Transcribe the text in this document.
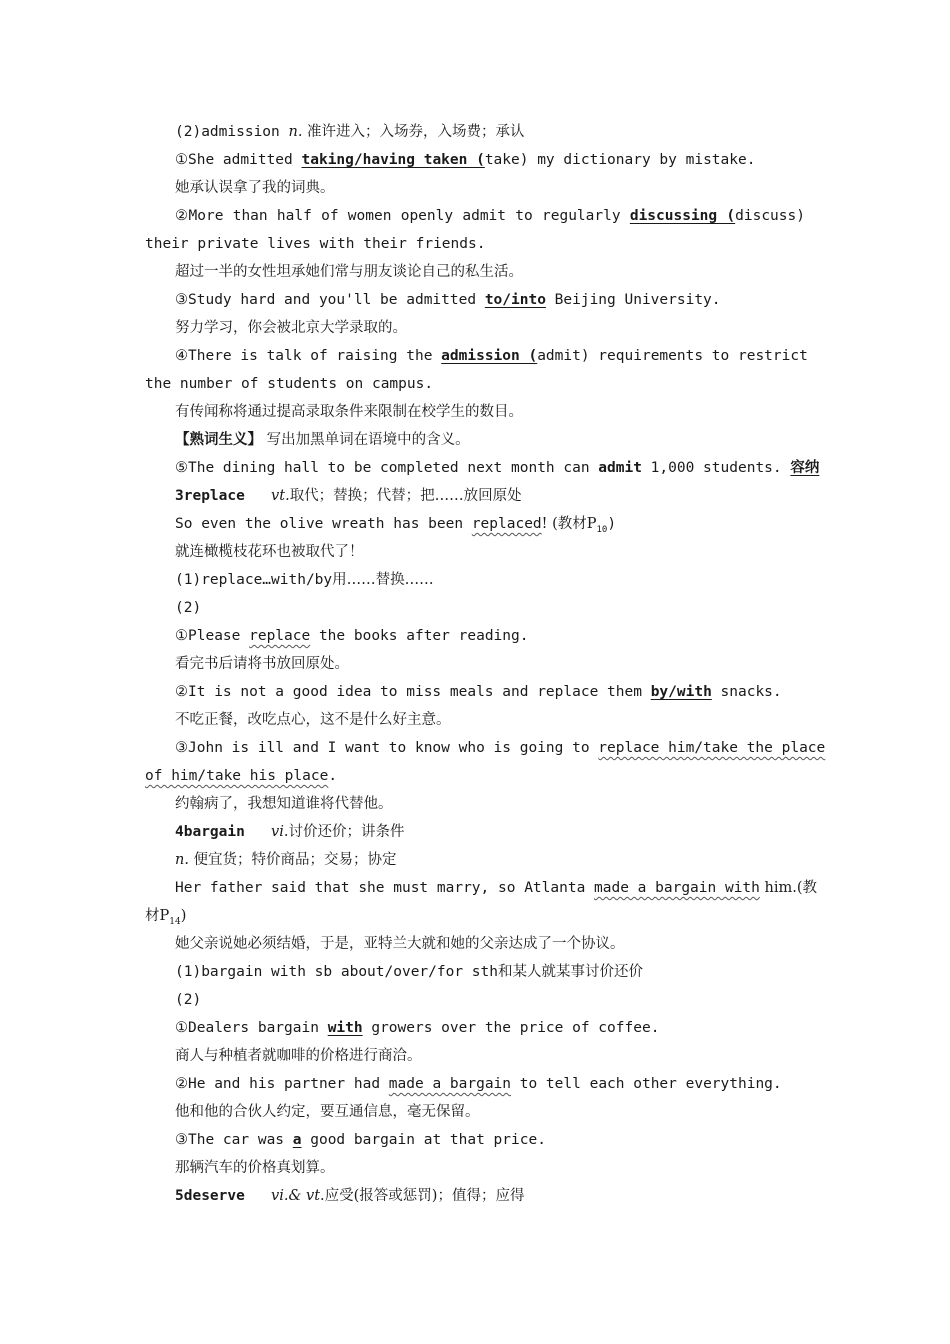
(2)admission n. 准许进入；入场券，入场费；承认
①She admitted taking/having taken (take) my dictionary by mistake.
她承认误拿了我的词典。
②More than half of women openly admit to regularly discussing (discuss)
their private lives with their friends.
超过一半的女性坦承她们常与朋友谈论自己的私生活。
③Study hard and you'll be admitted to/into Beijing University.
努力学习，你会被北京大学录取的。
④There is talk of raising the admission (admit) requirements to restrict
the number of students on campus.
有传闻称将通过提高录取条件来限制在校学生的数目。
【熟词生义】 写出加黑单词在语境中的含义。
⑤The dining hall to be completed next month can admit 1,000 students. 容纳
3replace vt.取代；替换；代替；把……放回原处
So even the olive wreath has been replaced! (教材$P_{10}$)
就连橄榄枝花环也被取代了！
(1)replace…with/by用……替换……
(2)
①Please replace the books after reading.
看完书后请将书放回原处。
②It is not a good idea to miss meals and replace them by/with snacks.
不吃正餐，改吃点心，这不是什么好主意。
③John is ill and I want to know who is going to replace him/take the place
of him/take his place.
约翰病了，我想知道谁将代替他。
4bargain vi.讨价还价；讲条件
n. 便宜货；特价商品；交易；协定
Her father said that she must marry, so Atlanta made a bargain with him.(教
材$P_{14}$)
她父亲说她必须结婚，于是，亚特兰大就和她的父亲达成了一个协议。
(1)bargain with sb about/over/for sth和某人就某事讨价还价
(2)
①Dealers bargain with growers over the price of coffee.
商人与种植者就咖啡的价格进行商洽。
②He and his partner had made a bargain to tell each other everything.
他和他的合伙人约定，要互通信息，毫无保留。
③The car was a good bargain at that price.
那辆汽车的价格真划算。
5deserve vi.& vt.应受(报答或惩罚)；值得；应得
